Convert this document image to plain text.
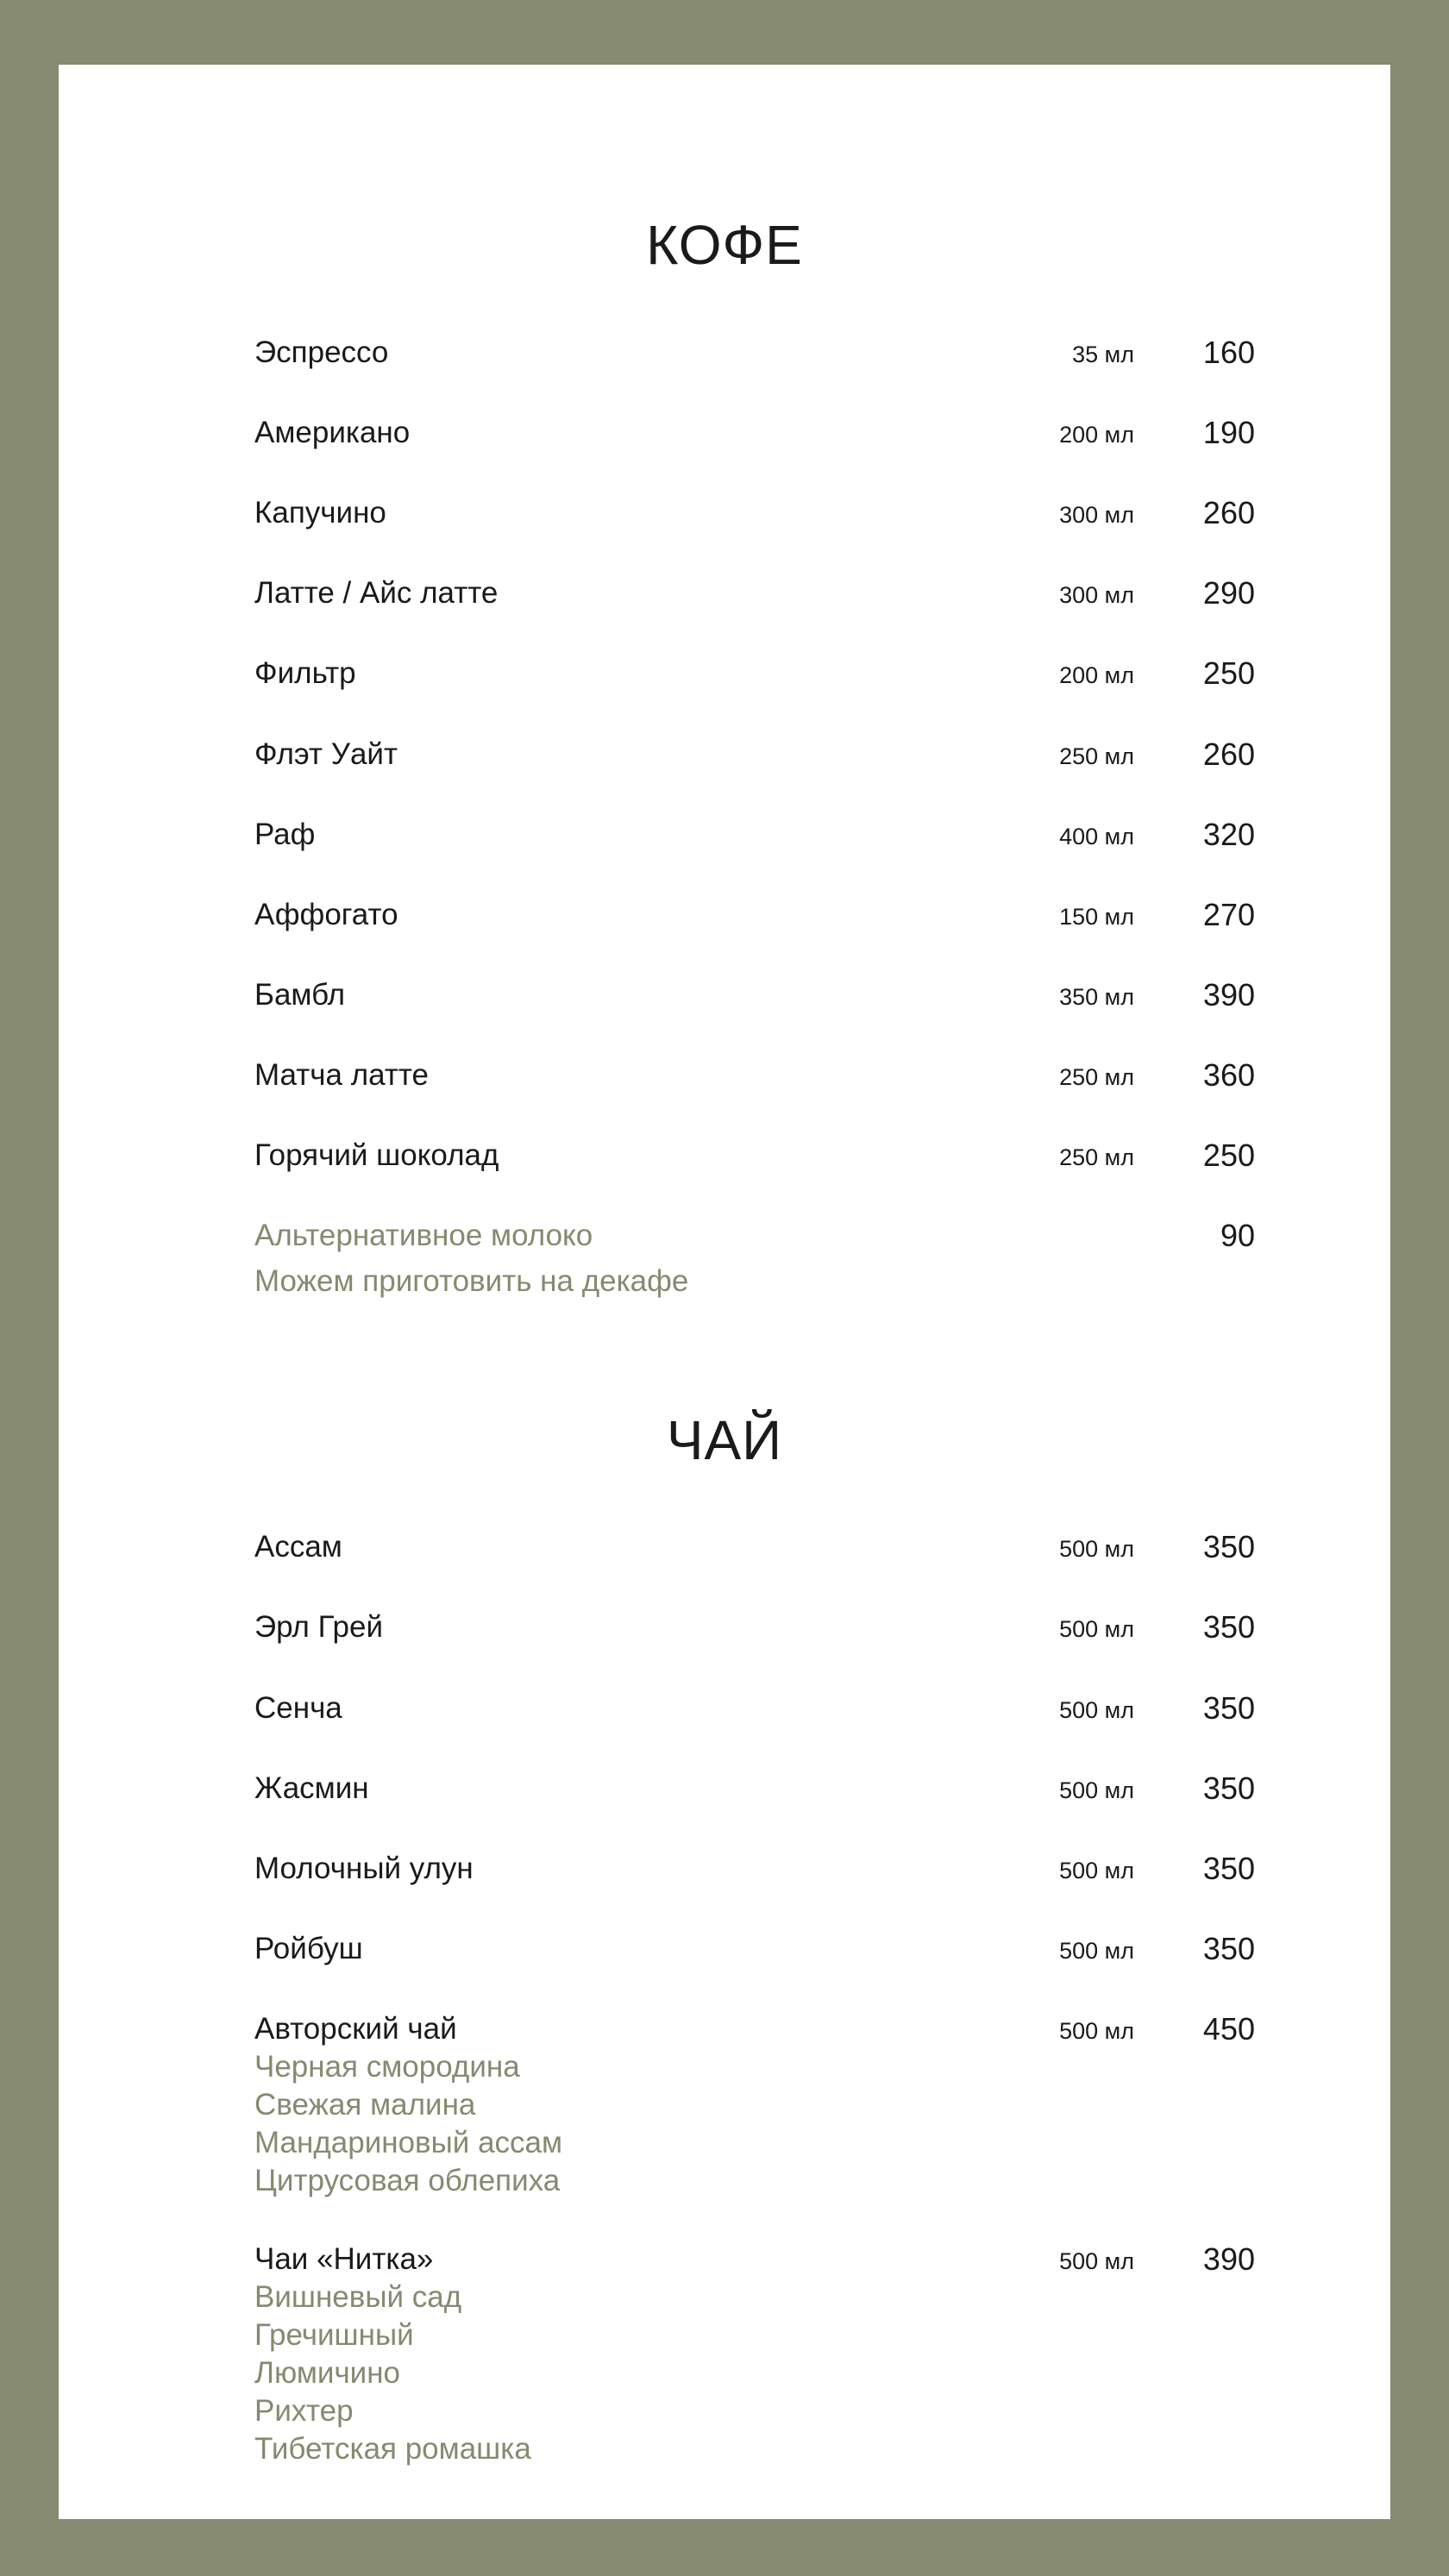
КОФЕ
Эспрессо	35 мл 160
Американо	200 мл 190
Капучино	300 мл 260
Латте / Айс латте	300 мл 290
Фильтр	200 мл 250
Флэт Уайт	250 мл 260
Раф	400 мл 320
Аффогато	150 мл 270
Бамбл	350 мл 390
Матча латте	250 мл 360
Горячий шоколад	250 мл 250
Альтернативное молоко	90
Можем приготовить на декафе
ЧАЙ
Ассам	500 мл 350
Эрл Грей	500 мл 350
Сенча	500 мл 350
Жасмин	500 мл 350
Молочный улун	500 мл 350
Ройбуш	500 мл 350
Авторский чай	500 мл 450
Черная смородина
Свежая малина
Мандариновый ассам
Цитрусовая облепиха
Чаи «Нитка»	500 мл 390
Вишневый сад
Гречишный
Люмичино
Рихтер
Тибетская ромашка
